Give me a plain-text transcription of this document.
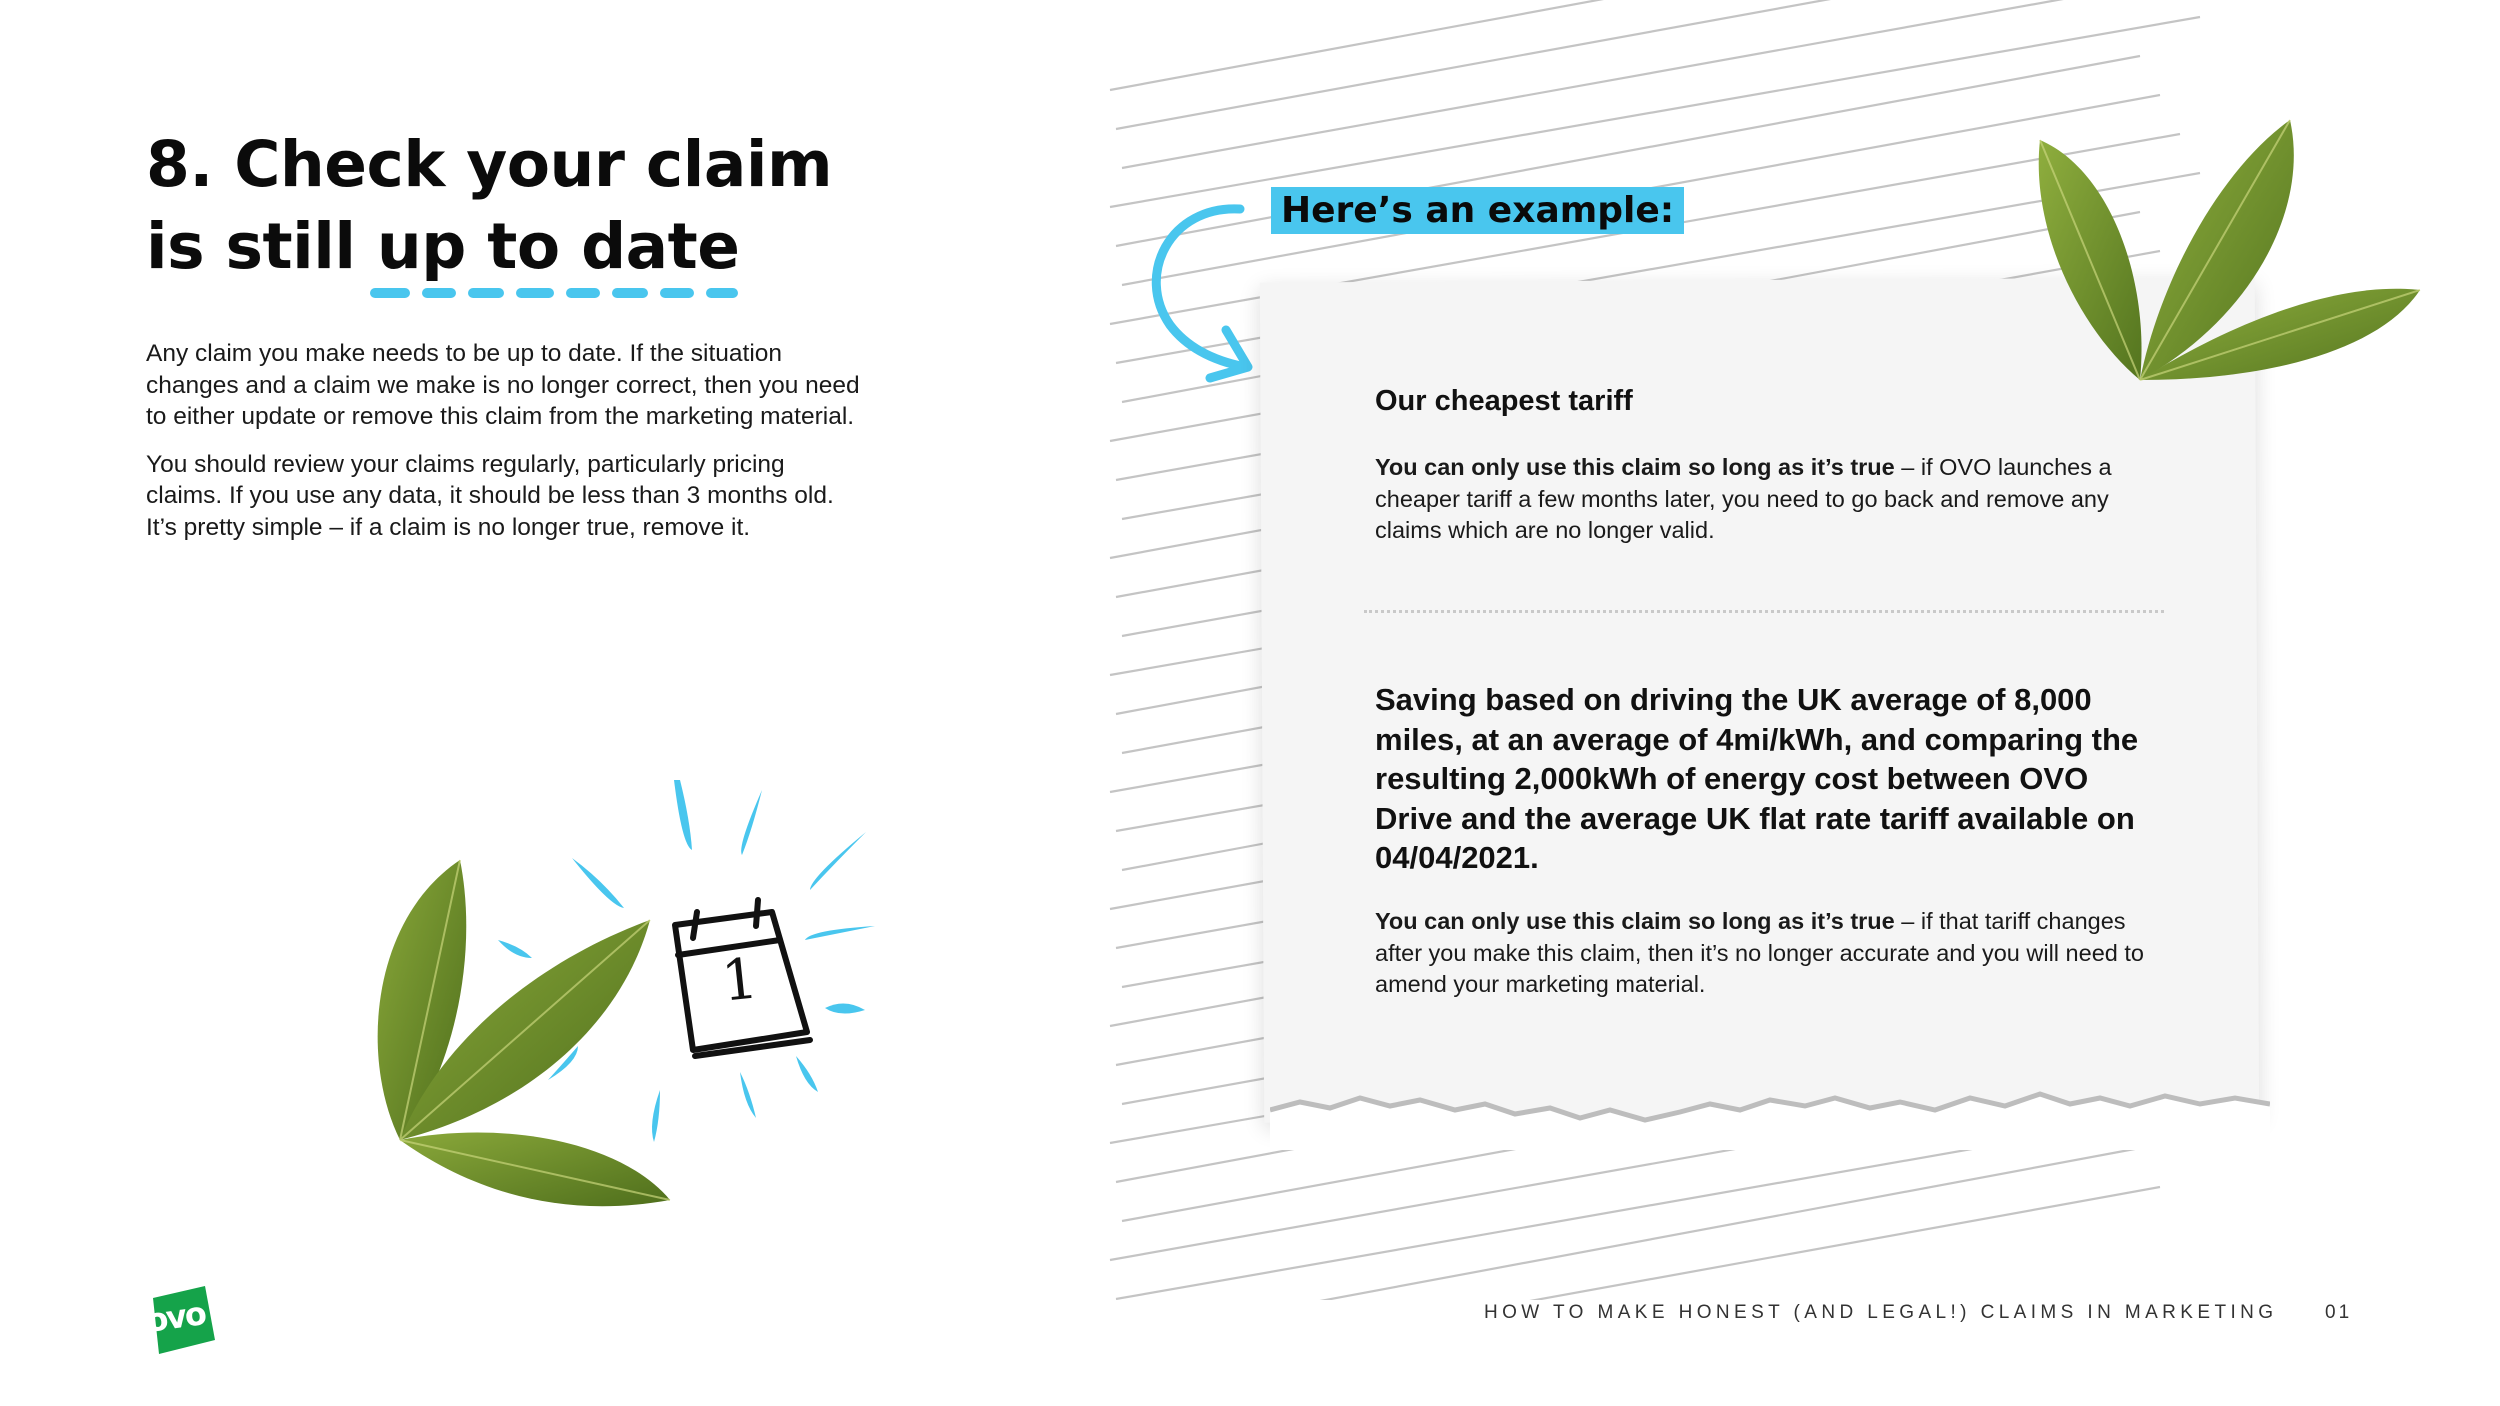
8. Check your claim
is still up to date

Any claim you make needs to be up to date. If the situation changes and a claim we make is no longer correct, then you need to either update or remove this claim from the marketing material.

You should review your claims regularly, particularly pricing claims. If you use any data, it should be less than 3 months old. It’s pretty simple – if a claim is no longer true, remove it.

1
Here’s an example:
Our cheapest tariff
You can only use this claim so long as it’s true – if OVO launches a cheaper tariff a few months later, you need to go back and remove any claims which are no longer valid.
Saving based on driving the UK average of 8,000 miles, at an average of 4mi/kWh, and comparing the resulting 2,000kWh of energy cost between OVO Drive and the average UK flat rate tariff available on 04/04/2021.
You can only use this claim so long as it’s true – if that tariff changes after you make this claim, then it’s no longer accurate and you will need to amend your marketing material.
ovo	HOW TO MAKE HONEST (AND LEGAL!) CLAIMS IN MARKETING	01
